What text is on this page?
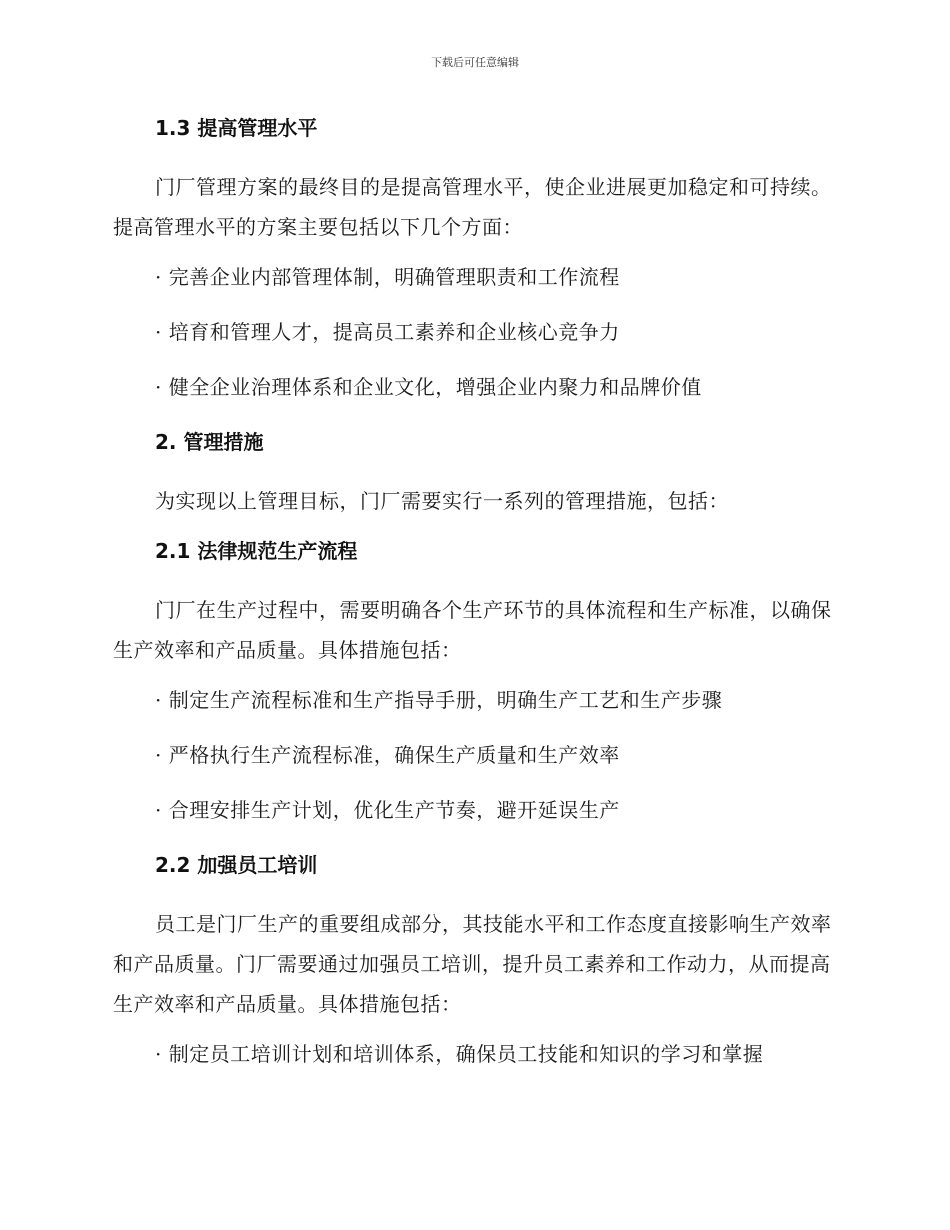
下载后可任意编辑
1.3 提高管理水平

门厂管理方案的最终目的是提高管理水平，使企业进展更加稳定和可持续。提高管理水平的方案主要包括以下几个方面：

· 完善企业内部管理体制，明确管理职责和工作流程
· 培育和管理人才，提高员工素养和企业核心竞争力
· 健全企业治理体系和企业文化，增强企业内聚力和品牌价值
2. 管理措施

为实现以上管理目标，门厂需要实行一系列的管理措施，包括：

2.1 法律规范生产流程

门厂在生产过程中，需要明确各个生产环节的具体流程和生产标准，以确保生产效率和产品质量。具体措施包括：

· 制定生产流程标准和生产指导手册，明确生产工艺和生产步骤
· 严格执行生产流程标准，确保生产质量和生产效率
· 合理安排生产计划，优化生产节奏，避开延误生产
2.2 加强员工培训

员工是门厂生产的重要组成部分，其技能水平和工作态度直接影响生产效率和产品质量。门厂需要通过加强员工培训，提升员工素养和工作动力，从而提高生产效率和产品质量。具体措施包括：

· 制定员工培训计划和培训体系，确保员工技能和知识的学习和掌握
